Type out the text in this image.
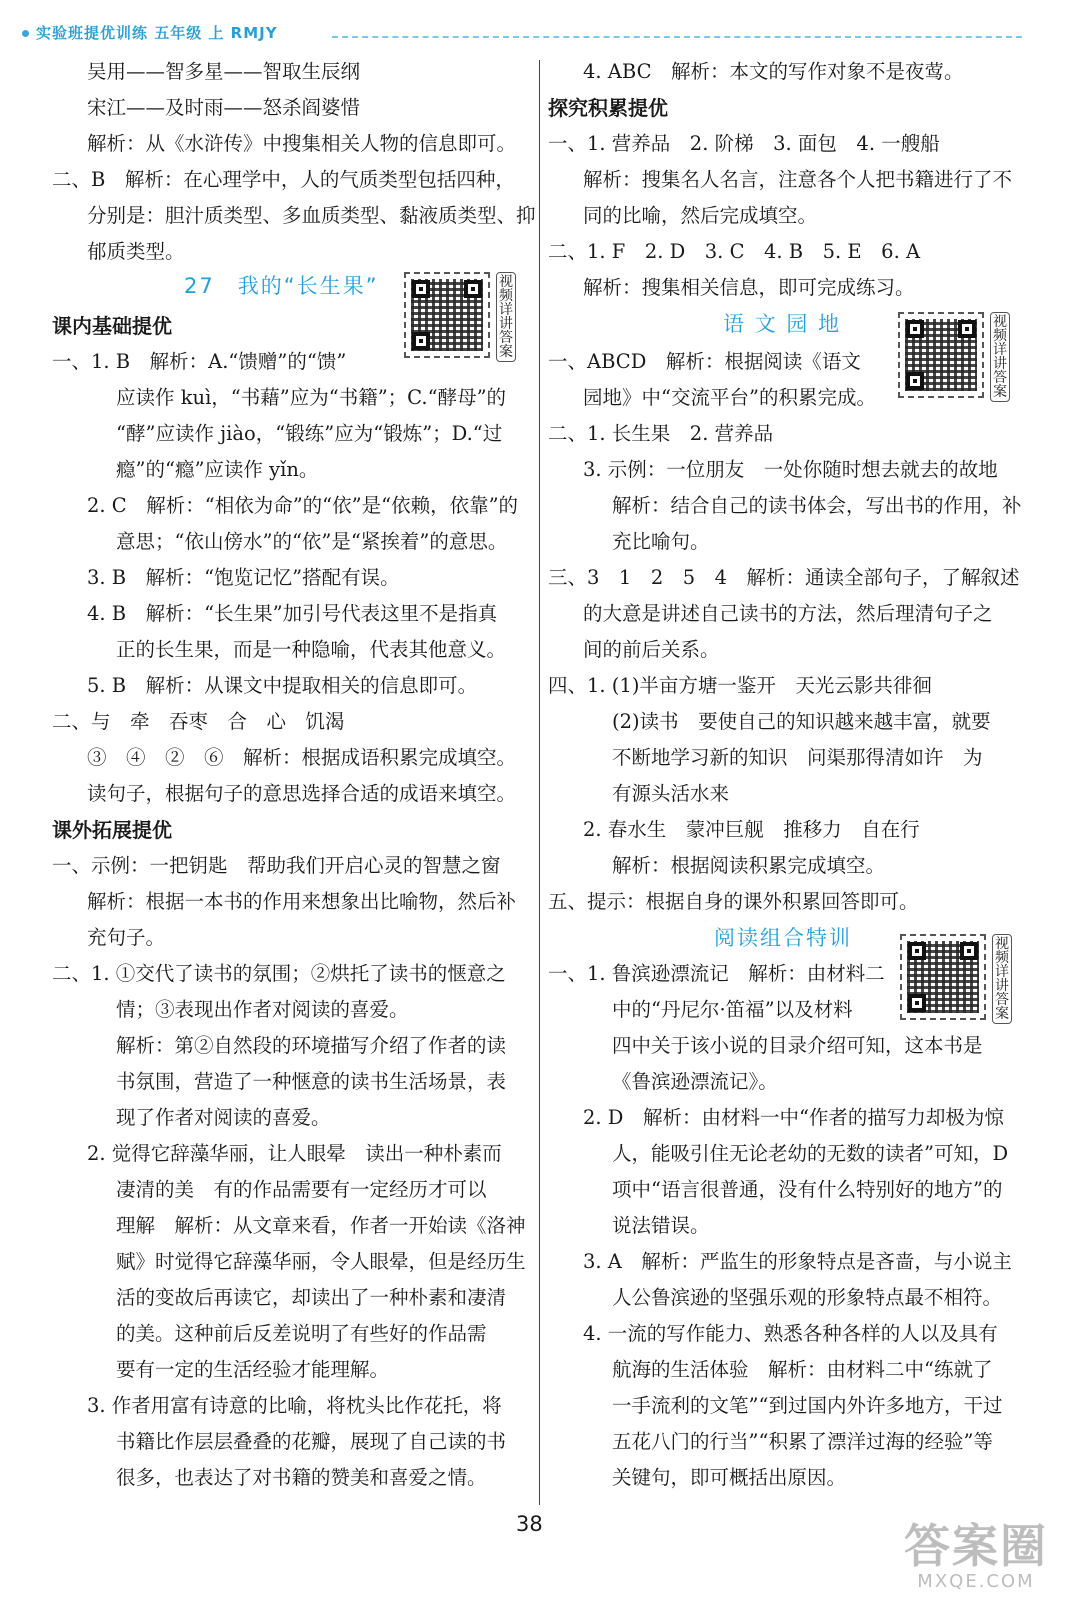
实验班提优训练 五年级 上 RMJY
吴用——智多星——智取生辰纲
宋江——及时雨——怒杀阎婆惜
解析：从《水浒传》中搜集相关人物的信息即可。
二、B　解析：在心理学中，人的气质类型包括四种，
分别是：胆汁质类型、多血质类型、黏液质类型、抑
郁质类型。
27　我的“长生果”
课内基础提优
一、1. B　解析：A.“馈赠”的“馈”
应读作 kuì，“书藉”应为“书籍”；C.“酵母”的
“酵”应读作 jiào，“锻练”应为“锻炼”；D.“过
瘾”的“瘾”应读作 yǐn。
2. C　解析：“相依为命”的“依”是“依赖，依靠”的
意思；“依山傍水”的“依”是“紧挨着”的意思。
3. B　解析：“饱览记忆”搭配有误。
4. B　解析：“长生果”加引号代表这里不是指真
正的长生果，而是一种隐喻，代表其他意义。
5. B　解析：从课文中提取相关的信息即可。
二、与　牵　吞枣　合　心　饥渴
③　④　②　⑥　解析：根据成语积累完成填空。
读句子，根据句子的意思选择合适的成语来填空。
课外拓展提优
一、示例：一把钥匙　帮助我们开启心灵的智慧之窗
解析：根据一本书的作用来想象出比喻物，然后补
充句子。
二、1. ①交代了读书的氛围；②烘托了读书的惬意之
情；③表现出作者对阅读的喜爱。
解析：第②自然段的环境描写介绍了作者的读
书氛围，营造了一种惬意的读书生活场景，表
现了作者对阅读的喜爱。
2. 觉得它辞藻华丽，让人眼晕　读出一种朴素而
凄清的美　有的作品需要有一定经历才可以
理解　解析：从文章来看，作者一开始读《洛神
赋》时觉得它辞藻华丽，令人眼晕，但是经历生
活的变故后再读它，却读出了一种朴素和凄清
的美。这种前后反差说明了有些好的作品需
要有一定的生活经验才能理解。
3. 作者用富有诗意的比喻，将枕头比作花托，将
书籍比作层层叠叠的花瓣，展现了自己读的书
很多，也表达了对书籍的赞美和喜爱之情。
4. ABC　解析：本文的写作对象不是夜莺。
探究积累提优
一、1. 营养品　2. 阶梯　3. 面包　4. 一艘船
解析：搜集名人名言，注意各个人把书籍进行了不
同的比喻，然后完成填空。
二、1. F　2. D　3. C　4. B　5. E　6. A
解析：搜集相关信息，即可完成练习。
语 文 园 地
一、ABCD　解析：根据阅读《语文
园地》中“交流平台”的积累完成。
二、1. 长生果　2. 营养品
3. 示例：一位朋友　一处你随时想去就去的故地
解析：结合自己的读书体会，写出书的作用，补
充比喻句。
三、3　1　2　5　4　解析：通读全部句子，了解叙述
的大意是讲述自己读书的方法，然后理清句子之
间的前后关系。
四、1. (1)半亩方塘一鉴开　天光云影共徘徊
(2)读书　要使自己的知识越来越丰富，就要
不断地学习新的知识　问渠那得清如许　为
有源头活水来
2. 春水生　蒙冲巨舰　推移力　自在行
解析：根据阅读积累完成填空。
五、提示：根据自身的课外积累回答即可。
阅读组合特训
一、1. 鲁滨逊漂流记　解析：由材料二
中的“丹尼尔·笛福”以及材料
四中关于该小说的目录介绍可知，这本书是
《鲁滨逊漂流记》。
2. D　解析：由材料一中“作者的描写力却极为惊
人，能吸引住无论老幼的无数的读者”可知，D
项中“语言很普通，没有什么特别好的地方”的
说法错误。
3. A　解析：严监生的形象特点是吝啬，与小说主
人公鲁滨逊的坚强乐观的形象特点最不相符。
4. 一流的写作能力、熟悉各种各样的人以及具有
航海的生活体验　解析：由材料二中“练就了
一手流利的文笔”“到过国内外许多地方，干过
五花八门的行当”“积累了漂洋过海的经验”等
关键句，即可概括出原因。
视频详讲答案
视频详讲答案
视频详讲答案
38	答案圈
MXQE.COM
